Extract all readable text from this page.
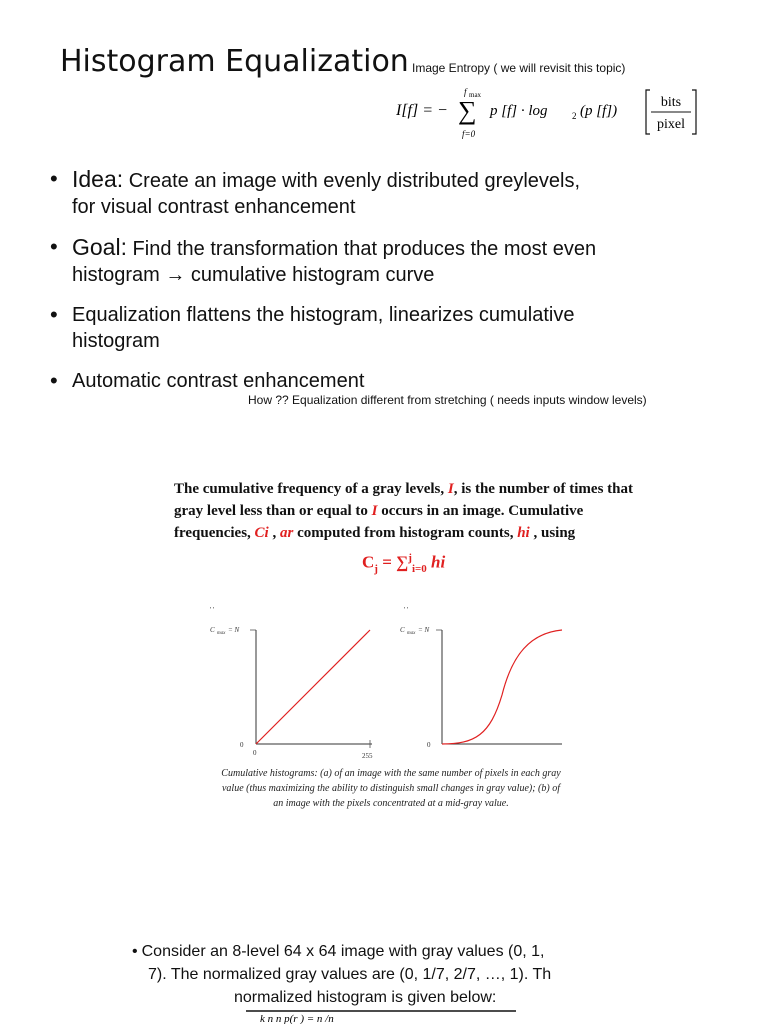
Histogram Equalization Image Entropy ( we will revisit this topic)
I[f] = −
f max
∑
f=0
p [f] · log	2 (p [f])
bits
pixel
• Idea: Create an image with evenly distributed greylevels,
for visual contrast enhancement
• Goal: Find the transformation that produces the most even
histogram → cumulative histogram curve
• Equalization flattens the histogram, linearizes cumulative
histogram
• Automatic contrast enhancement
How ?? Equalization different from stretching ( needs inputs window levels)
The cumulative frequency of a gray levels, I, is the number of times that gray level less than or equal to I occurs in an image. Cumulative frequencies, Ci , ar computed from histogram counts, hi , using
$C_j = \sum^j_{i=0}$ hi
' '
C max = N
0
0	255
' '
C max = N
0
Cumulative histograms: (a) of an image with the same number of pixels in each gray
value (thus maximizing the ability to distinguish small changes in gray value); (b) of
an image with the pixels concentrated at a mid-gray value.
• Consider an 8-level 64 x 64 image with gray values (0, 1,
7). The normalized gray values are (0, 1/7, 2/7, …, 1). Th
normalized histogram is given below:
k n n p(r ) = n /n
